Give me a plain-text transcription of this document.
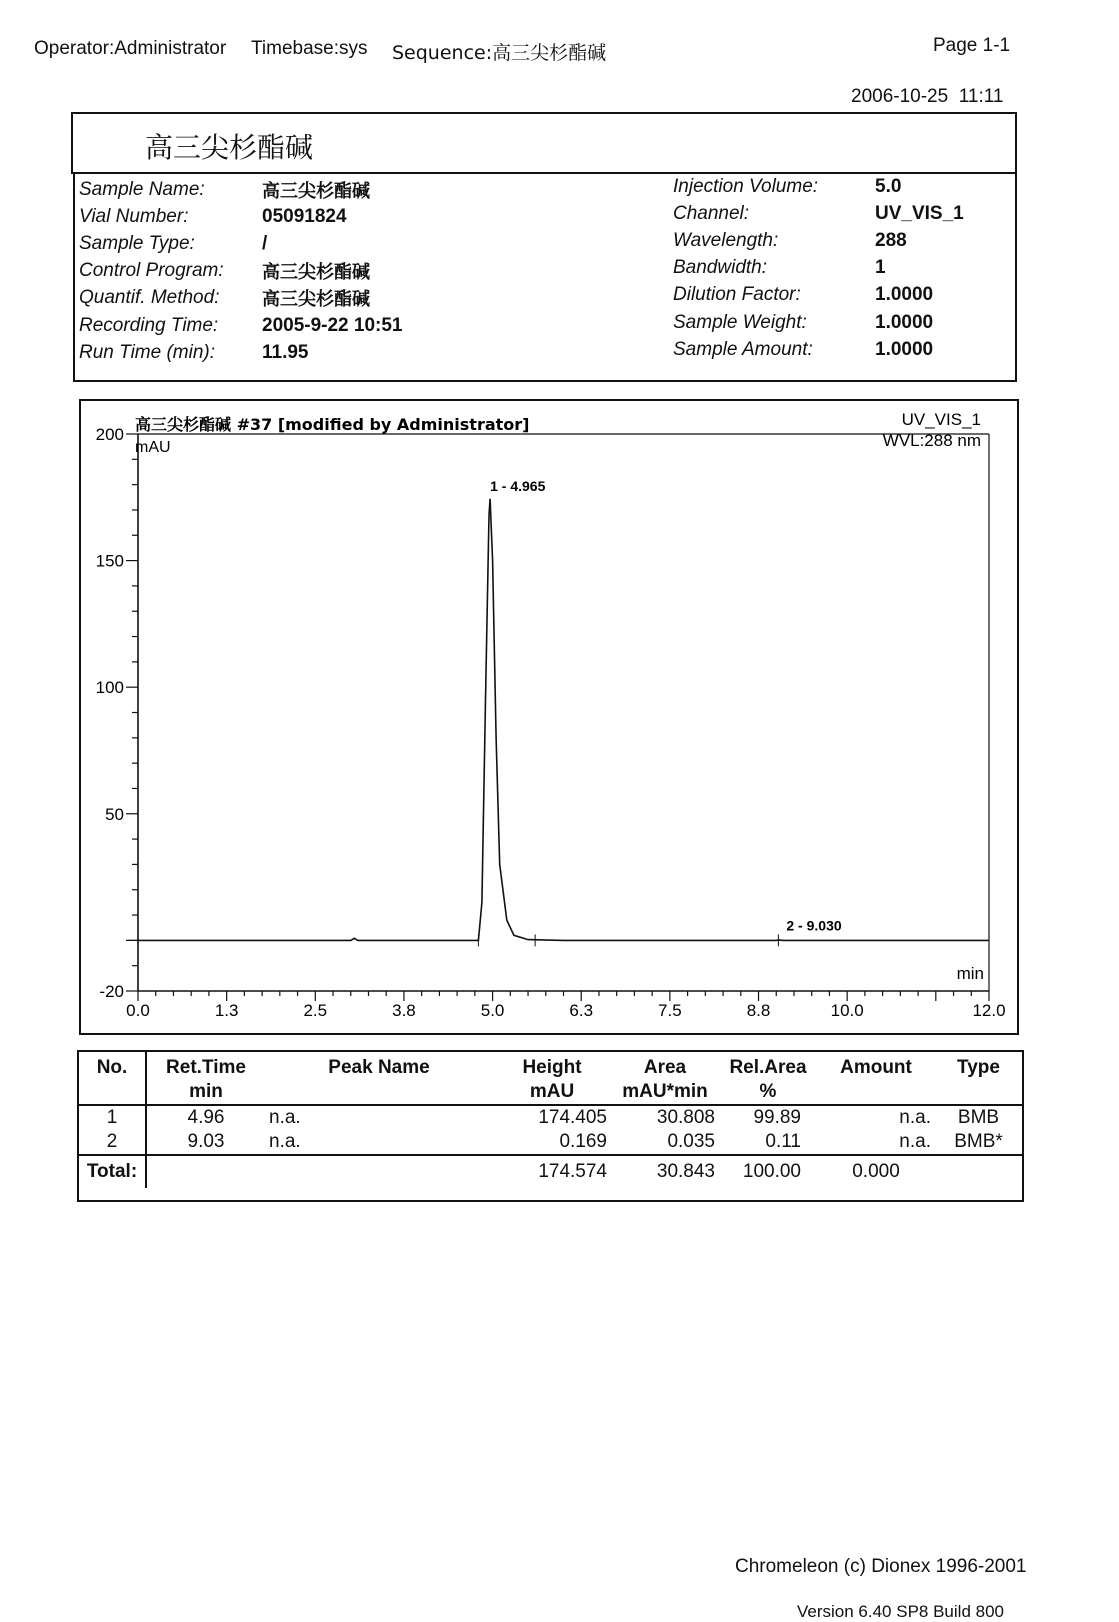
Operator:Administrator Timebase:sys Sequence:高三尖杉酯碱	Page 1-1
2006-10-25  11:11
高三尖杉酯碱
Sample Name:	高三尖杉酯碱
Vial Number:	05091824
Sample Type:	/
Control Program: 高三尖杉酯碱
Quantif. Method: 高三尖杉酯碱
Recording Time: 2005-9-22 10:51
Run Time (min): 11.95
Injection Volume:	5.0
Channel:	UV_VIS_1
Wavelength:	288
Bandwidth:	1
Dilution Factor:	1.0000
Sample Weight:	1.0000
Sample Amount:	1.0000
200
150
100
50
-20
0.0	1.3	2.5	3.8	5.0	6.3	7.5	8.8	10.0	12.0
1 - 4.965
2 - 9.030
高三尖杉酯碱 #37 [modified by Administrator]
mAU
UV_VIS_1
WVL:288 nm
min
No.	Ret.Time	Peak Name	Height	Area	Rel.Area	Amount	Type
	min		mAU	mAU*min	%		
1	4.96	n.a.	174.405	30.808	99.89	n.a.	BMB
2	9.03	n.a.	0.169	0.035	0.11	n.a.	BMB*
Total:			174.574	30.843	100.00	0.000	
Chromeleon (c) Dionex 1996-2001
Version 6.40 SP8 Build 800
